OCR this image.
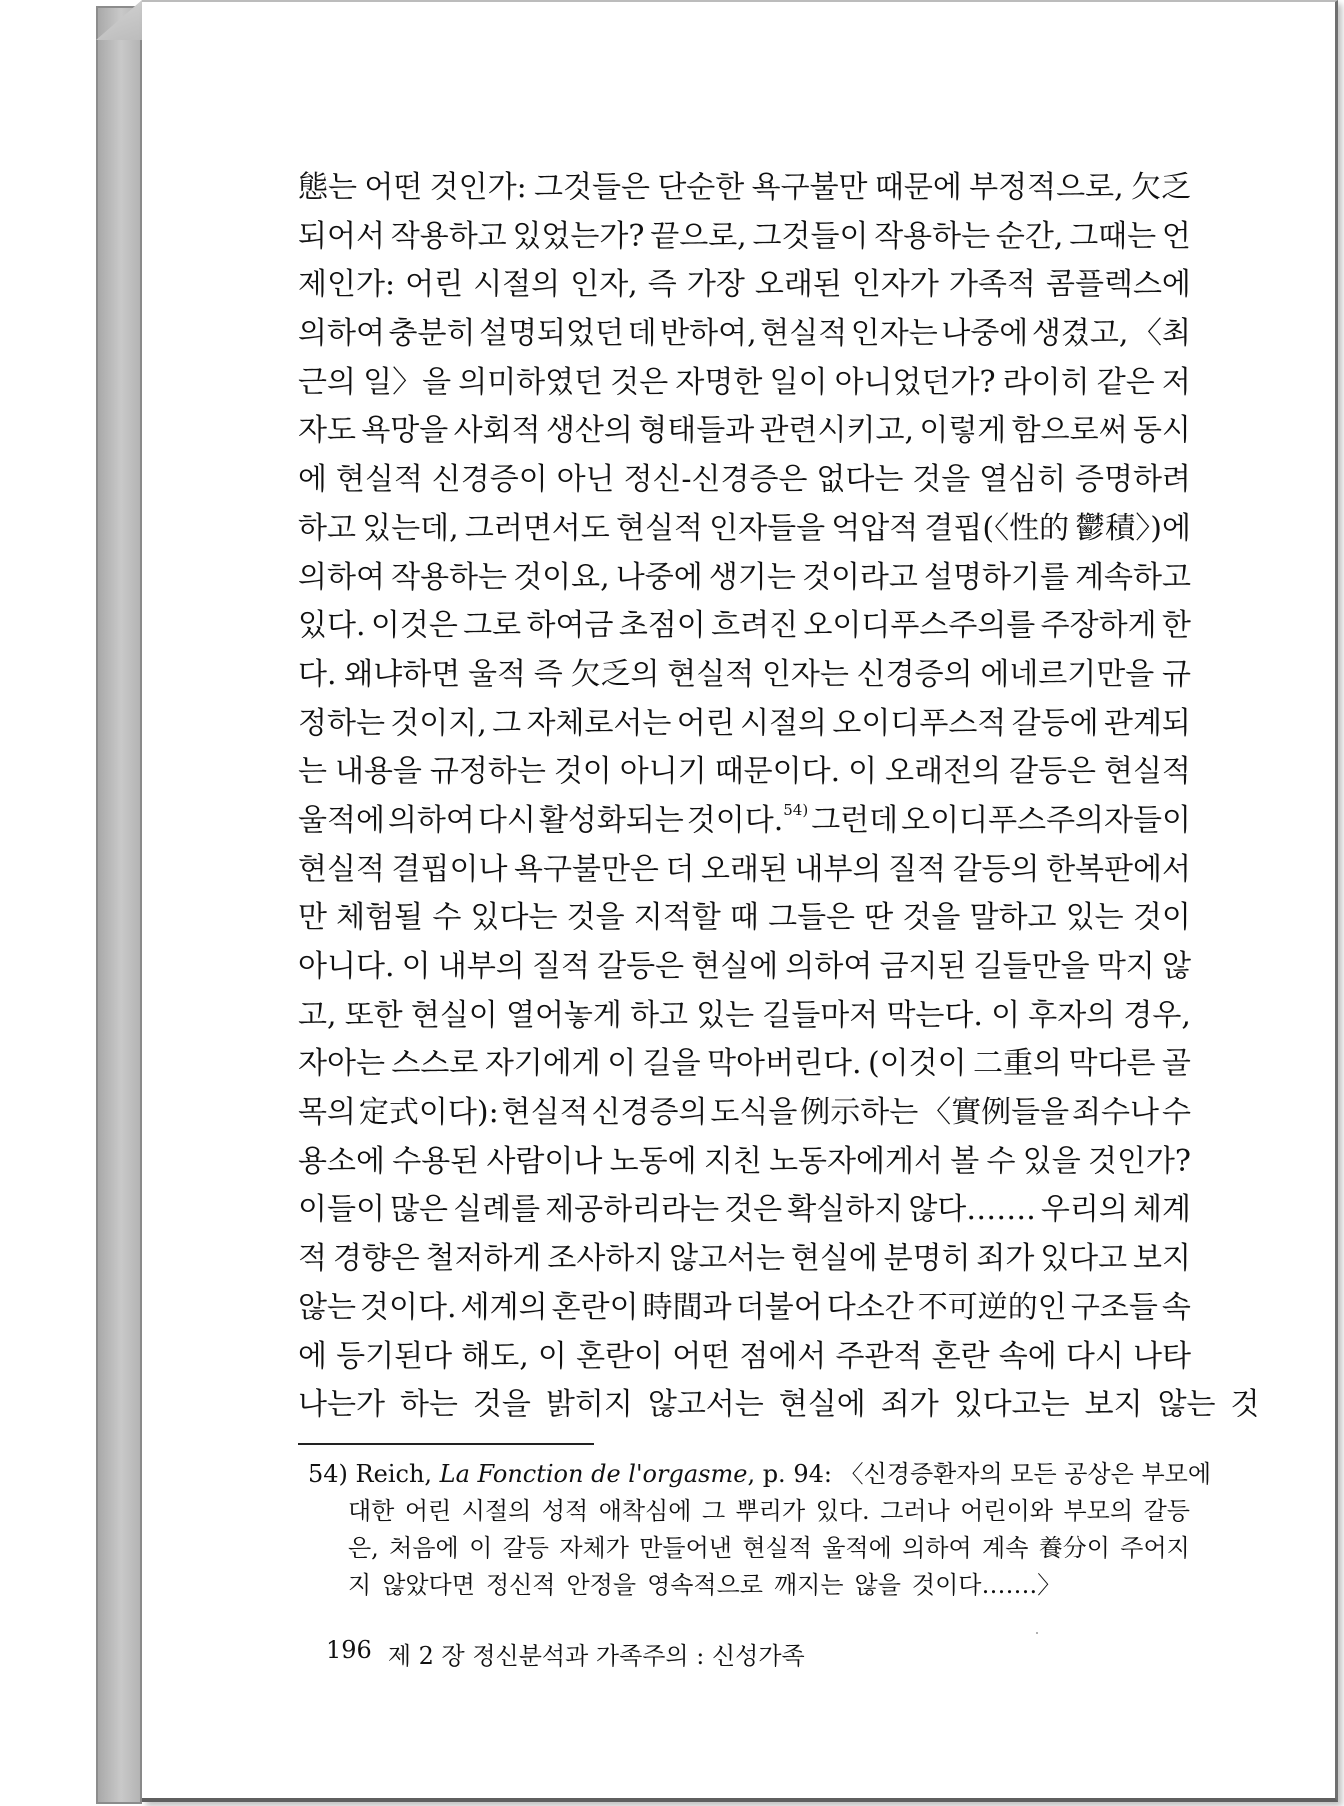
態는 어떤 것인가: 그것들은 단순한 욕구불만 때문에 부정적으로, 欠乏
되어서 작용하고 있었는가? 끝으로, 그것들이 작용하는 순간, 그때는 언
제인가: 어린 시절의 인자, 즉 가장 오래된 인자가 가족적 콤플렉스에
의하여 충분히 설명되었던 데 반하여, 현실적 인자는 나중에 생겼고, 〈최
근의 일〉을 의미하였던 것은 자명한 일이 아니었던가? 라이히 같은 저
자도 욕망을 사회적 생산의 형태들과 관련시키고, 이렇게 함으로써 동시
에 현실적 신경증이 아닌 정신-신경증은 없다는 것을 열심히 증명하려
하고 있는데, 그러면서도 현실적 인자들을 억압적 결핍(〈性的 鬱積〉)에
의하여 작용하는 것이요, 나중에 생기는 것이라고 설명하기를 계속하고
있다. 이것은 그로 하여금 초점이 흐려진 오이디푸스주의를 주장하게 한
다. 왜냐하면 울적 즉 欠乏의 현실적 인자는 신경증의 에네르기만을 규
정하는 것이지, 그 자체로서는 어린 시절의 오이디푸스적 갈등에 관계되
는 내용을 규정하는 것이 아니기 때문이다. 이 오래전의 갈등은 현실적
울적에 의하여 다시 활성화되는 것이다.$^{54)}$ 그런데 오이디푸스주의자들이
현실적 결핍이나 욕구불만은 더 오래된 내부의 질적 갈등의 한복판에서
만 체험될 수 있다는 것을 지적할 때 그들은 딴 것을 말하고 있는 것이
아니다. 이 내부의 질적 갈등은 현실에 의하여 금지된 길들만을 막지 않
고, 또한 현실이 열어놓게 하고 있는 길들마저 막는다. 이 후자의 경우,
자아는 스스로 자기에게 이 길을 막아버린다. (이것이 二重의 막다른 골
목의 定式이다): 현실적 신경증의 도식을 例示하는 〈實例들을 죄수나 수
용소에 수용된 사람이나 노동에 지친 노동자에게서 볼 수 있을 것인가?
이들이 많은 실례를 제공하리라는 것은 확실하지 않다……. 우리의 체계
적 경향은 철저하게 조사하지 않고서는 현실에 분명히 죄가 있다고 보지
않는 것이다. 세계의 혼란이 時間과 더불어 다소간 不可逆的인 구조들 속
에 등기된다 해도, 이 혼란이 어떤 점에서 주관적 혼란 속에 다시 나타
나는가 하는 것을 밝히지 않고서는 현실에 죄가 있다고는 보지 않는 것
54)
Reich,
La Fonction de l'orgasme , p. 94: 〈신경증환자의 모든 공상은 부모에
대한 어린 시절의 성적 애착심에 그 뿌리가 있다. 그러나 어린이와 부모의 갈등
은, 처음에 이 갈등 자체가 만들어낸 현실적 울적에 의하여 계속 養分이 주어지
지 않았다면 정신적 안정을 영속적으로 깨지는 않을 것이다…….〉
196 제 2 장 정신분석과 가족주의 : 신성가족
